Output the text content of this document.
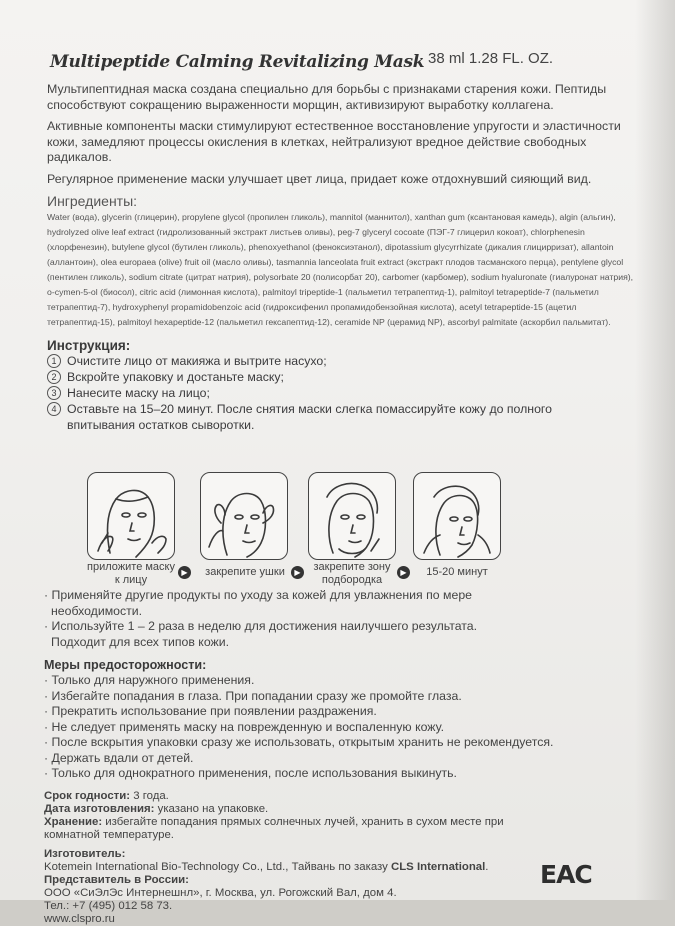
Multipeptide Calming Revitalizing Mask 38 ml 1.28 FL. OZ.

Мультипептидная маска создана специально для борьбы с признаками старения кожи. Пептиды способствуют сокращению выраженности морщин, активизируют выработку коллагена.

Активные компоненты маски стимулируют естественное восстановление упругости и эластичности кожи, замедляют процессы окисления в клетках, нейтрализуют вредное действие свободных радикалов.

Регулярное применение маски улучшает цвет лица, придает коже отдохнувший сияющий вид.

Ингредиенты:

Water (вода), glycerin (глицерин), propylene glycol (пропилен гликоль), mannitol (маннитол), xanthan gum (ксантановая камедь), algin (альгин), hydrolyzed olive leaf extract (гидролизованный экстракт листьев оливы), peg-7 glyceryl cocoate (ПЭГ-7 глицерил кокоат), chlorphenesin (хлорфенезин), butylene glycol (бутилен гликоль), phenoxyethanol (феноксиэтанол), dipotassium glycyrrhizate (дикалия глицирризат), allantoin (аллантоин), olea europaea (olive) fruit oil (масло оливы), tasmannia lanceolata fruit extract (экстракт плодов тасманского перца), pentylene glycol (пентилен гликоль), sodium citrate (цитрат натрия), polysorbate 20 (полисорбат 20), carbomer (карбомер), sodium hyaluronate (гиалуронат натрия), o-cymen-5-ol (биосол), citric acid (лимонная кислота), palmitoyl tripeptide-1 (пальметил тетрапептид-1), palmitoyl tetrapeptide-7 (пальметил тетрапептид-7), hydroxyphenyl propamidobenzoic acid (гидроксифенил пропамидобензойная кислота), acetyl tetrapeptide-15 (ацетил тетрапептид-15), palmitoyl hexapeptide-12 (пальметил гексапептид-12), ceramide NP (церамид NP), ascorbyl palmitate (аскорбил пальмитат).

Инструкция:

1 Очистите лицо от макияжа и вытрите насухо;
2 Вскройте упаковку и достаньте маску;
3 Нанесите маску на лицо;
4 Оставьте на 15–20 минут. После снятия маски слегка помассируйте кожу до полного
впитывания остатков сыворотки.
▶	▶	▶
приложите маску
к лицу
закрепите ушки	закрепите зону
подбородка
15-20 минут

· Применяйте другие продукты по уходу за кожей для увлажнения по мере

необходимости.

· Используйте 1 – 2 раза в неделю для достижения наилучшего результата.

Подходит для всех типов кожи.

Меры предосторожности:

· Только для наружного применения.

· Избегайте попадания в глаза. При попадании сразу же промойте глаза.

· Прекратить использование при появлении раздражения.

· Не следует применять маску на поврежденную и воспаленную кожу.

· После вскрытия упаковки сразу же использовать, открытым хранить не рекомендуется.

· Держать вдали от детей.

· Только для однократного применения, после использования выкинуть.

Срок годности: 3 года.

Дата изготовления: указано на упаковке.

Хранение: избегайте попадания прямых солнечных лучей, хранить в сухом месте при

комнатной температуре.

Изготовитель:

Kotemein International Bio-Technology Co., Ltd., Тайвань по заказу CLS International.

Представитель в России:

ООО «СиЭлЭс Интернешнл», г. Москва, ул. Рогожский Вал, дом 4.

Тел.: +7 (495) 012 58 73.

www.clspro.ru

EAC
